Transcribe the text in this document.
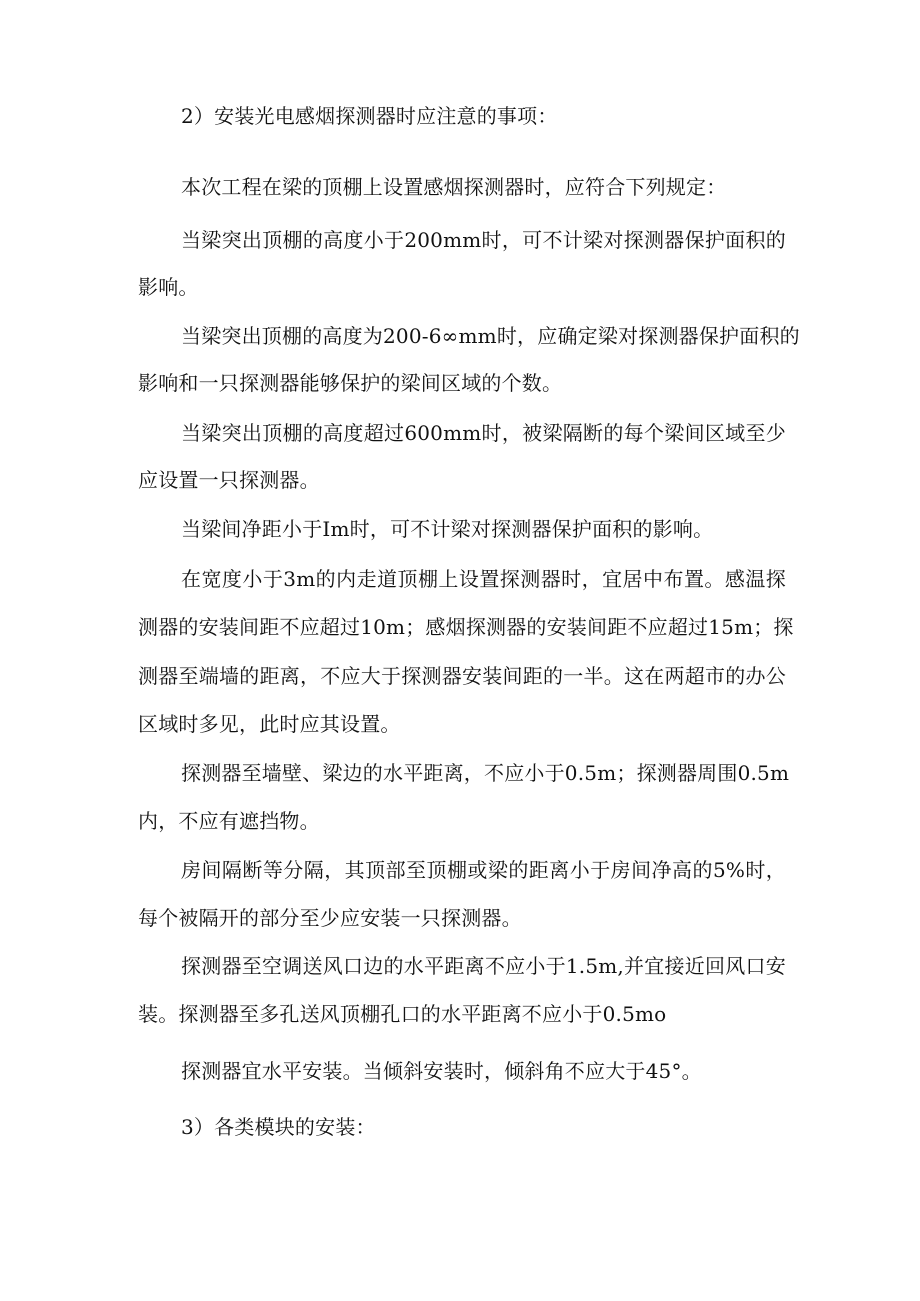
2）安装光电感烟探测器时应注意的事项：
本次工程在梁的顶棚上设置感烟探测器时，应符合下列规定：
当梁突出顶棚的高度小于200mm时，可不计梁对探测器保护面积的
影响。
当梁突出顶棚的高度为200-6∞mm时，应确定梁对探测器保护面积的
影响和一只探测器能够保护的梁间区域的个数。
当梁突出顶棚的高度超过600mm时，被梁隔断的每个梁间区域至少
应设置一只探测器。
当梁间净距小于Im时，可不计梁对探测器保护面积的影响。
在宽度小于3m的内走道顶棚上设置探测器时，宜居中布置。感温探
测器的安装间距不应超过10m；感烟探测器的安装间距不应超过15m；探
测器至端墙的距离，不应大于探测器安装间距的一半。这在两超市的办公
区域时多见，此时应其设置。
探测器至墙壁、梁边的水平距离，不应小于0.5m；探测器周围0.5m
内，不应有遮挡物。
房间隔断等分隔，其顶部至顶棚或梁的距离小于房间净高的5%时，
每个被隔开的部分至少应安装一只探测器。
探测器至空调送风口边的水平距离不应小于1.5m,并宜接近回风口安
装。探测器至多孔送风顶棚孔口的水平距离不应小于0.5mo
探测器宜水平安装。当倾斜安装时，倾斜角不应大于45°。
3）各类模块的安装：
